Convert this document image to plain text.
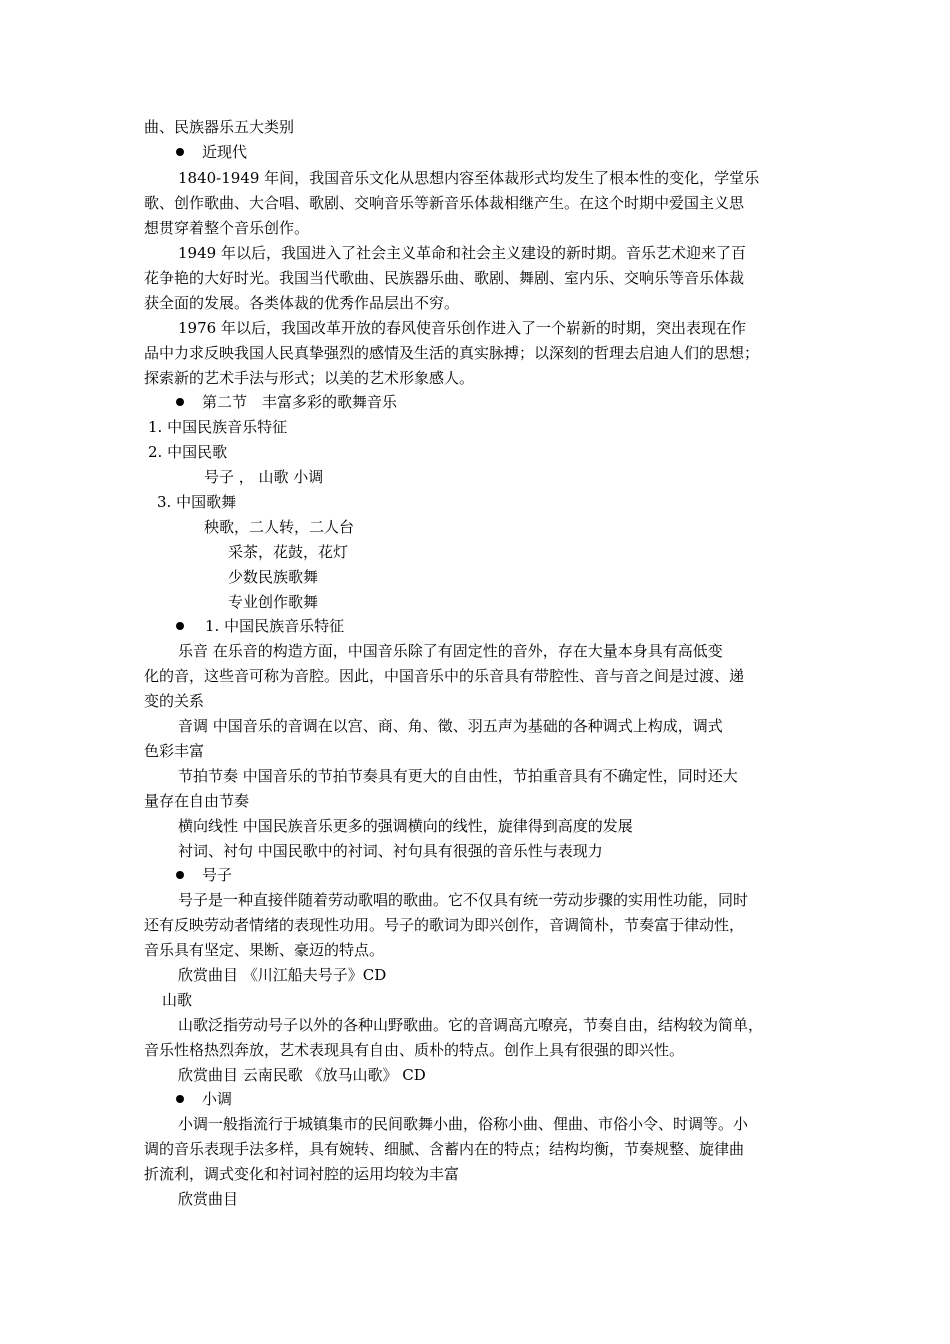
曲、民族器乐五大类别
近现代
1840-1949 年间，我国音乐文化从思想内容至体裁形式均发生了根本性的变化，学堂乐
歌、创作歌曲、大合唱、歌剧、交响音乐等新音乐体裁相继产生。在这个时期中爱国主义思
想贯穿着整个音乐创作。
1949 年以后，我国进入了社会主义革命和社会主义建设的新时期。音乐艺术迎来了百
花争艳的大好时光。我国当代歌曲、民族器乐曲、歌剧、舞剧、室内乐、交响乐等音乐体裁
获全面的发展。各类体裁的优秀作品层出不穷。
1976 年以后，我国改革开放的春风使音乐创作进入了一个崭新的时期，突出表现在作
品中力求反映我国人民真挚强烈的感情及生活的真实脉搏；以深刻的哲理去启迪人们的思想；
探索新的艺术手法与形式；以美的艺术形象感人。
第二节　丰富多彩的歌舞音乐
1. 中国民族音乐特征
2. 中国民歌
号子 ， 山歌 小调
3. 中国歌舞
秧歌，二人转，二人台
采茶，花鼓，花灯
少数民族歌舞
专业创作歌舞
1. 中国民族音乐特征
乐音 在乐音的构造方面，中国音乐除了有固定性的音外，存在大量本身具有高低变
化的音，这些音可称为音腔。因此，中国音乐中的乐音具有带腔性、音与音之间是过渡、递
变的关系
音调 中国音乐的音调在以宫、商、角、徵、羽五声为基础的各种调式上构成，调式
色彩丰富
节拍节奏 中国音乐的节拍节奏具有更大的自由性，节拍重音具有不确定性，同时还大
量存在自由节奏
横向线性 中国民族音乐更多的强调横向的线性，旋律得到高度的发展
衬词、衬句 中国民歌中的衬词、衬句具有很强的音乐性与表现力
号子
号子是一种直接伴随着劳动歌唱的歌曲。它不仅具有统一劳动步骤的实用性功能，同时
还有反映劳动者情绪的表现性功用。号子的歌词为即兴创作，音调简朴，节奏富于律动性，
音乐具有坚定、果断、豪迈的特点。
欣赏曲目 《川江船夫号子》CD
山歌
山歌泛指劳动号子以外的各种山野歌曲。它的音调高亢嘹亮，节奏自由，结构较为简单，
音乐性格热烈奔放，艺术表现具有自由、质朴的特点。创作上具有很强的即兴性。
欣赏曲目 云南民歌 《放马山歌》 CD
小调
小调一般指流行于城镇集市的民间歌舞小曲，俗称小曲、俚曲、市俗小令、时调等。小
调的音乐表现手法多样，具有婉转、细腻、含蓄内在的特点；结构均衡，节奏规整、旋律曲
折流利，调式变化和衬词衬腔的运用均较为丰富
欣赏曲目
